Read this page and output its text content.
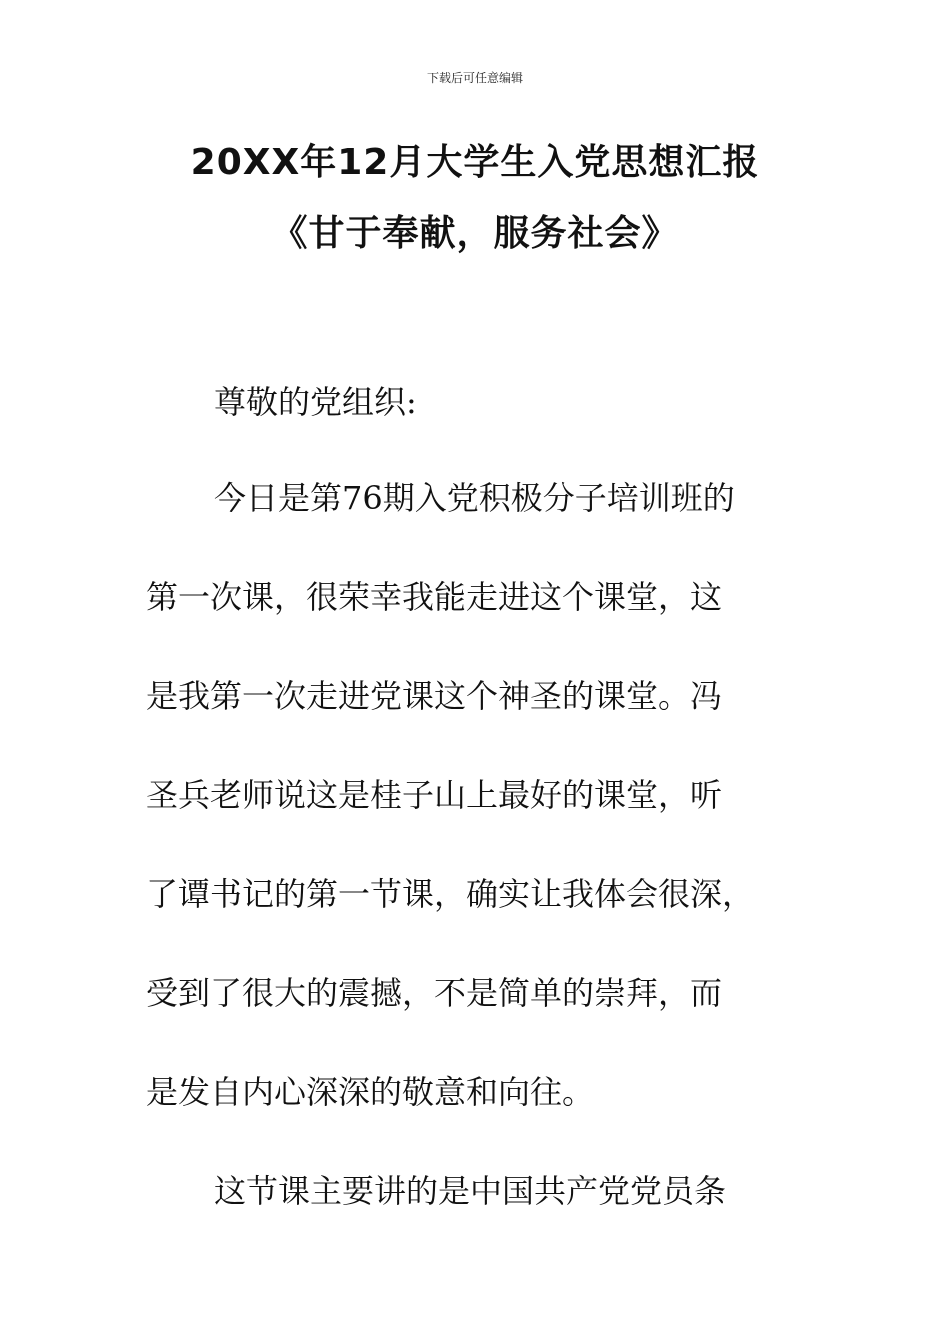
下载后可任意编辑
20XX年12月大学生入党思想汇报
《甘于奉献，服务社会》
尊敬的党组织:
今日是第76期入党积极分子培训班的
第一次课，很荣幸我能走进这个课堂，这
是我第一次走进党课这个神圣的课堂。冯
圣兵老师说这是桂子山上最好的课堂，听
了谭书记的第一节课，确实让我体会很深，
受到了很大的震撼，不是简单的崇拜，而
是发自内心深深的敬意和向往。
这节课主要讲的是中国共产党党员条
